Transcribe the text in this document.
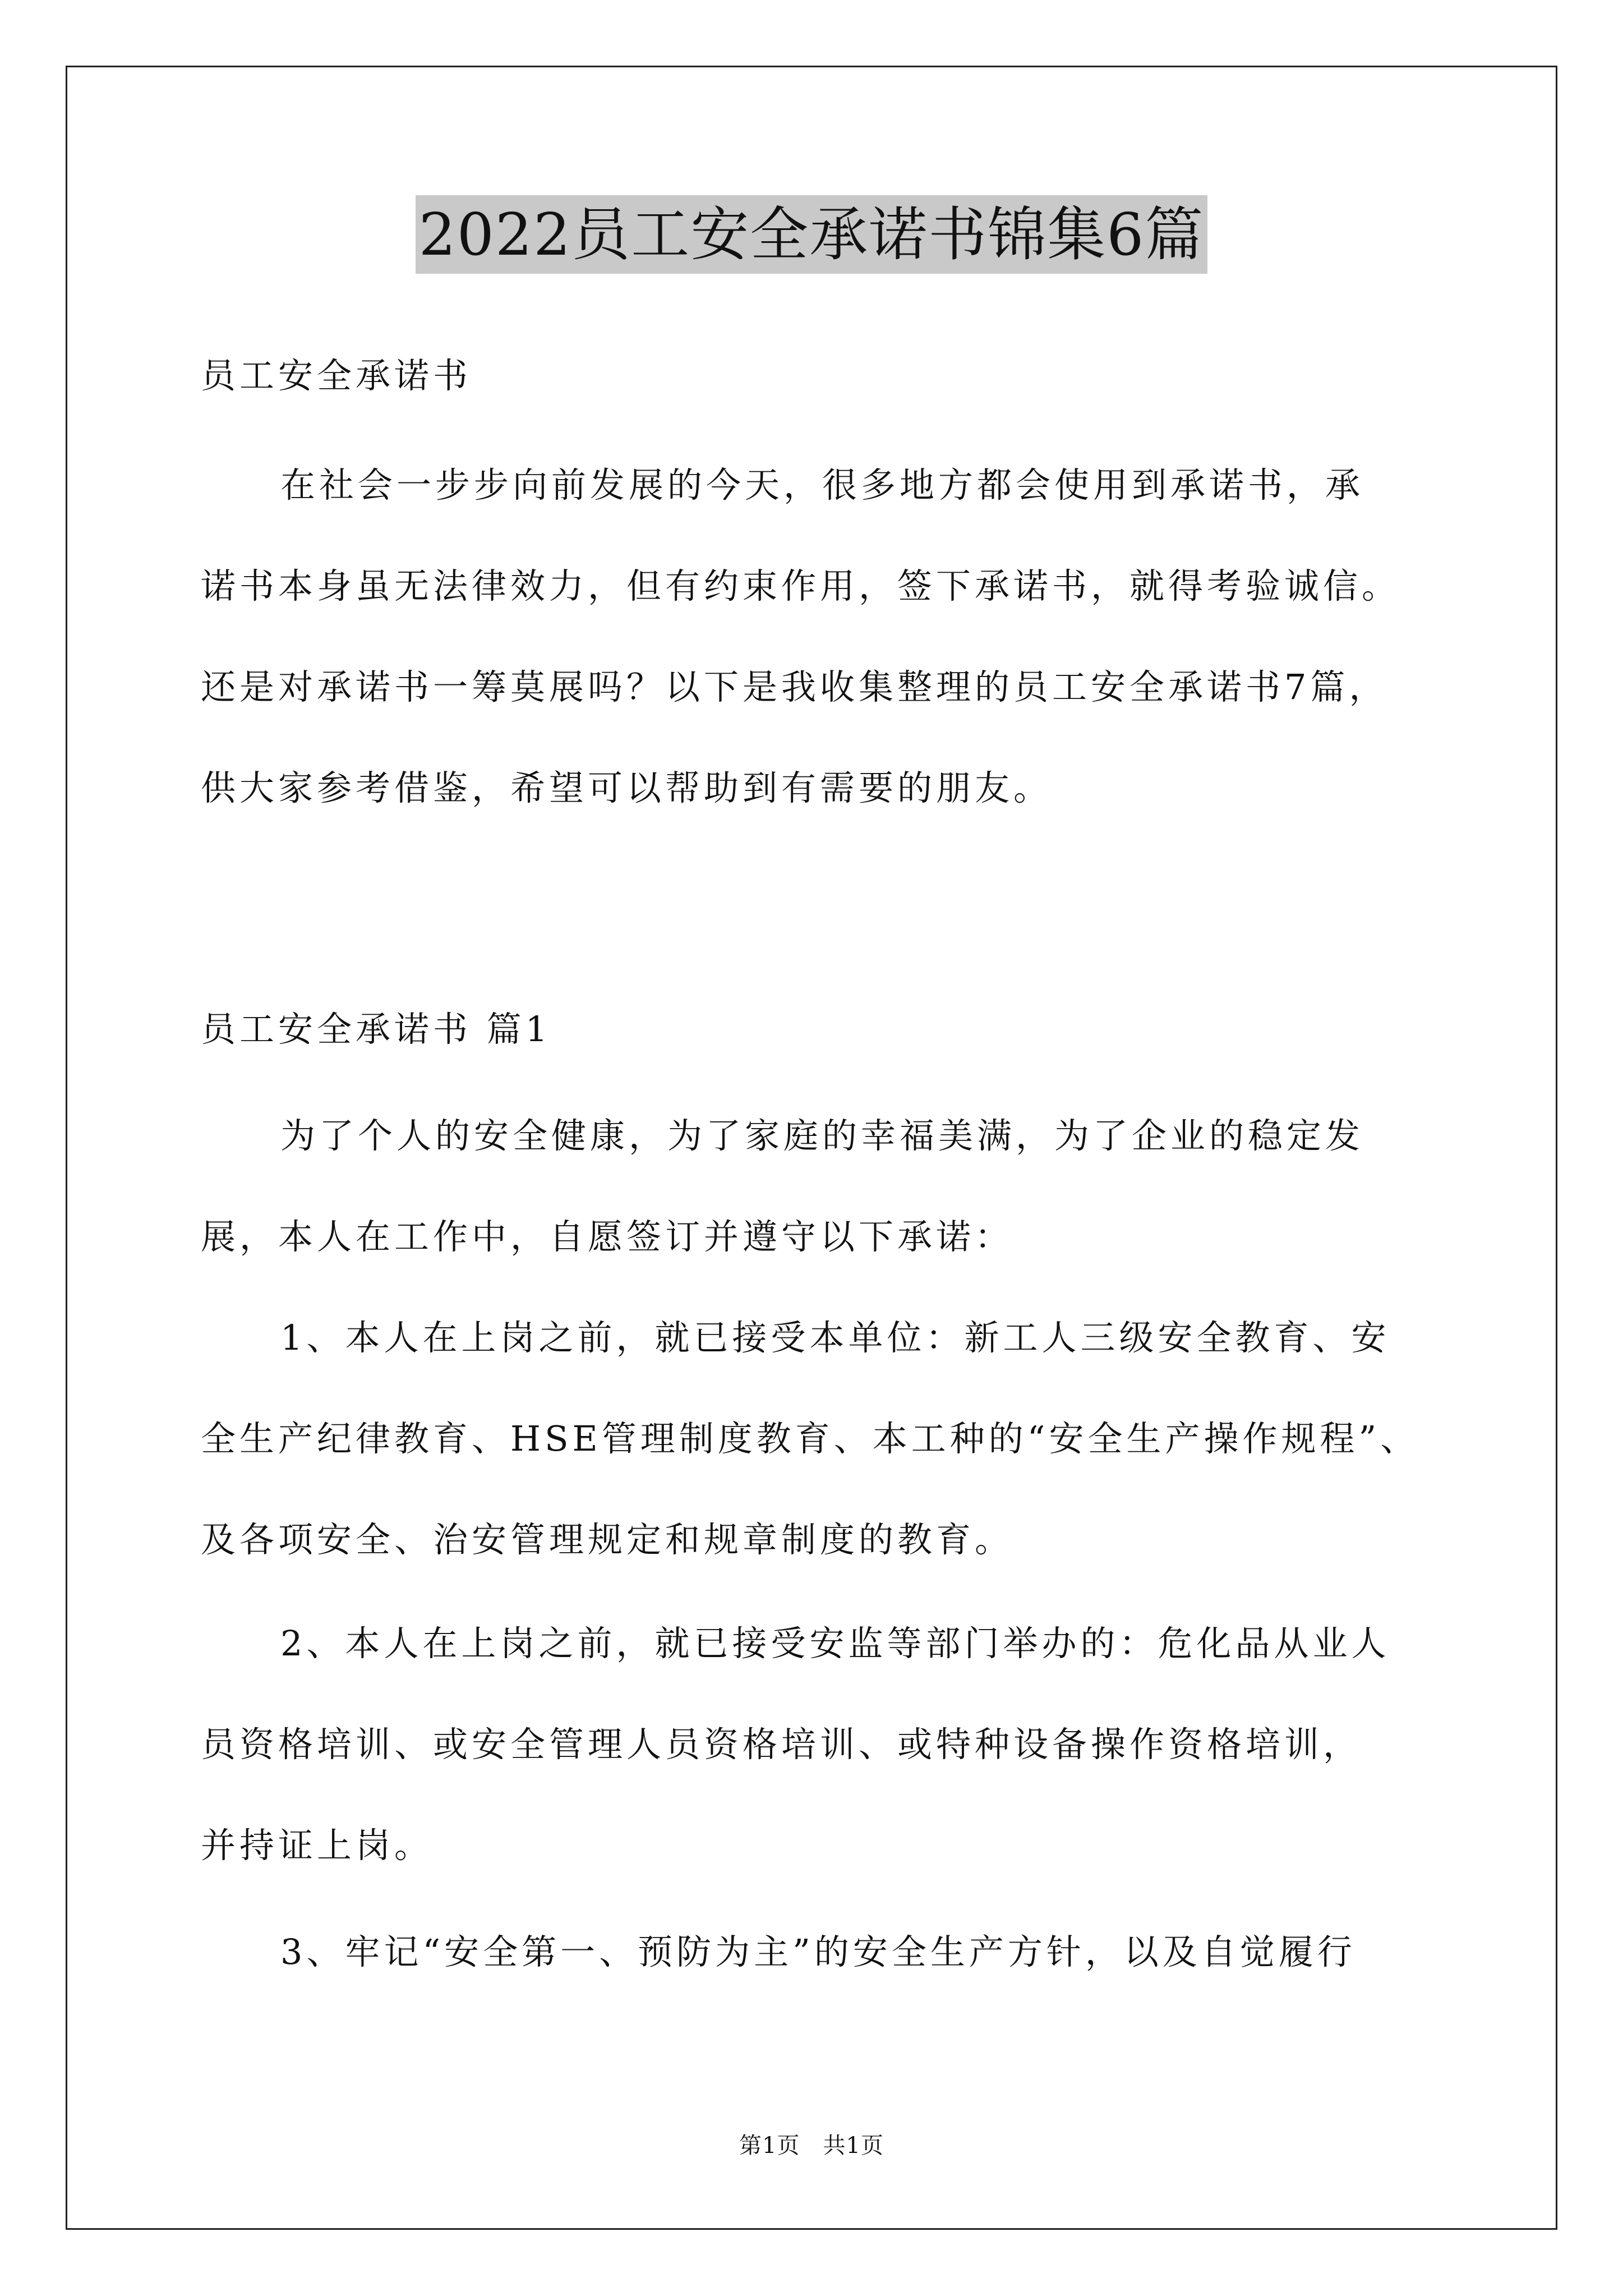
2022员工安全承诺书锦集6篇
员工安全承诺书
在社会一步步向前发展的今天，很多地方都会使用到承诺书，承
诺书本身虽无法律效力，但有约束作用，签下承诺书，就得考验诚信。
还是对承诺书一筹莫展吗？以下是我收集整理的员工安全承诺书7篇，
供大家参考借鉴，希望可以帮助到有需要的朋友。
员工安全承诺书 篇1
为了个人的安全健康，为了家庭的幸福美满，为了企业的稳定发
展，本人在工作中，自愿签订并遵守以下承诺：
1、本人在上岗之前，就已接受本单位：新工人三级安全教育、安
全生产纪律教育、HSE管理制度教育、本工种的“安全生产操作规程”、
及各项安全、治安管理规定和规章制度的教育。
2、本人在上岗之前，就已接受安监等部门举办的：危化品从业人
员资格培训、或安全管理人员资格培训、或特种设备操作资格培训，
并持证上岗。
3、牢记“安全第一、预防为主”的安全生产方针，以及自觉履行
第1页　共1页
